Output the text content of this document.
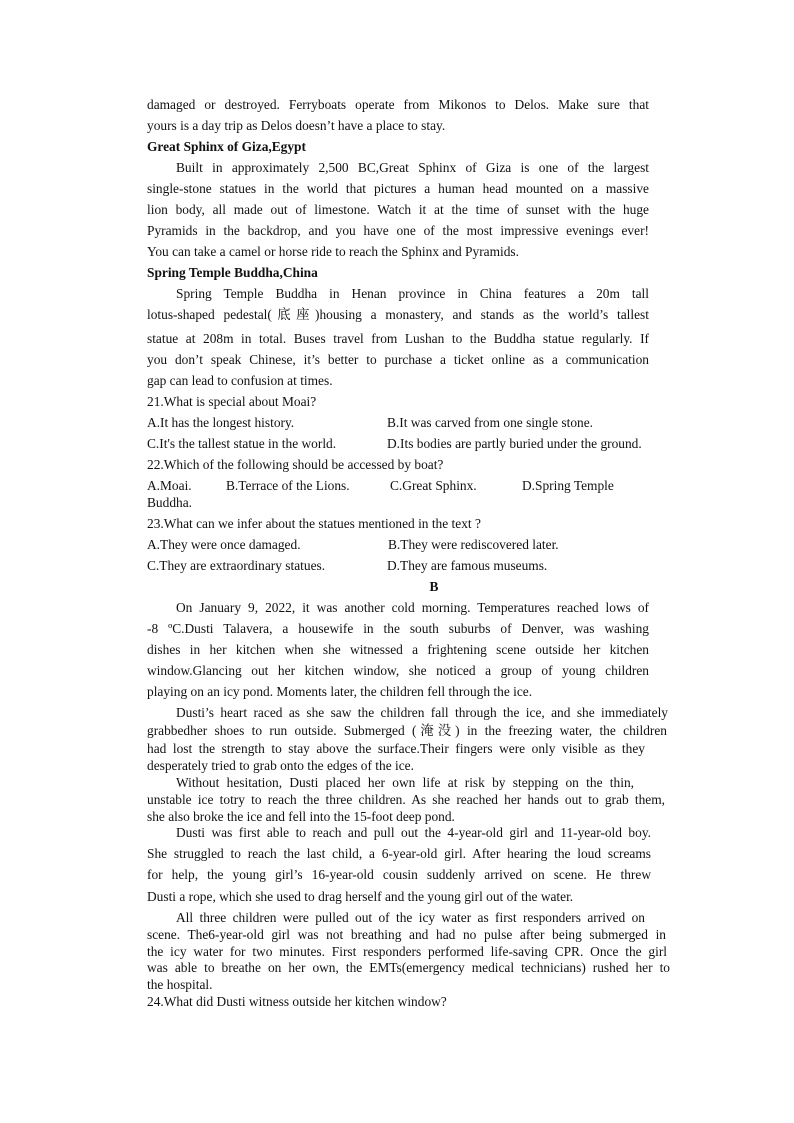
damaged or destroyed. Ferryboats operate from Mikonos to Delos. Make sure that
yours is a day trip as Delos doesn’t have a place to stay.
Great Sphinx of Giza,Egypt
Built in approximately 2,500 BC,Great Sphinx of Giza is one of the largest
single-stone statues in the world that pictures a human head mounted on a massive
lion body, all made out of limestone. Watch it at the time of sunset with the huge
Pyramids in the backdrop, and you have one of the most impressive evenings ever!
You can take a camel or horse ride to reach the Sphinx and Pyramids.
Spring Temple Buddha,China
Spring Temple Buddha in Henan province in China features a 20m tall
lotus-shaped pedestal(底座)housing a monastery, and stands as the world’s tallest
statue at 208m in total. Buses travel from Lushan to the Buddha statue regularly. If
you don’t speak Chinese, it’s better to purchase a ticket online as a communication
gap can lead to confusion at times.
21.What is special about Moai?
A.It has the longest history.	B.It was carved from one single stone.
C.It's the tallest statue in the world.	D.Its bodies are partly buried under the ground.
22.Which of the following should be accessed by boat?
A.Moai.	B.Terrace of the Lions.	C.Great Sphinx.	D.Spring Temple
Buddha.
23.What can we infer about the statues mentioned in the text ?
A.They were once damaged.	B.They were rediscovered later.
C.They are extraordinary statues.	D.They are famous museums.
B
On January 9, 2022, it was another cold morning. Temperatures reached lows of
-8 ºC.Dusti Talavera, a housewife in the south suburbs of Denver, was washing
dishes in her kitchen when she witnessed a frightening scene outside her kitchen
window.Glancing out her kitchen window, she noticed a group of young children
playing on an icy pond. Moments later, the children fell through the ice.
Dusti’s heart raced as she saw the children fall through the ice, and she immediately
grabbedher shoes to run outside. Submerged (淹没) in the freezing water, the children
had lost the strength to stay above the surface.Their fingers were only visible as they
desperately tried to grab onto the edges of the ice.
Without hesitation, Dusti placed her own life at risk by stepping on the thin,
unstable ice totry to reach the three children. As she reached her hands out to grab them,
she also broke the ice and fell into the 15-foot deep pond.
Dusti was first able to reach and pull out the 4-year-old girl and 11-year-old boy.
She struggled to reach the last child, a 6-year-old girl. After hearing the loud screams
for help, the young girl’s 16-year-old cousin suddenly arrived on scene. He threw
Dusti a rope, which she used to drag herself and the young girl out of the water.
All three children were pulled out of the icy water as first responders arrived on
scene. The6-year-old girl was not breathing and had no pulse after being submerged in
the icy water for two minutes. First responders performed life-saving CPR. Once the girl
was able to breathe on her own, the EMTs(emergency medical technicians) rushed her to
the hospital.
24.What did Dusti witness outside her kitchen window?
